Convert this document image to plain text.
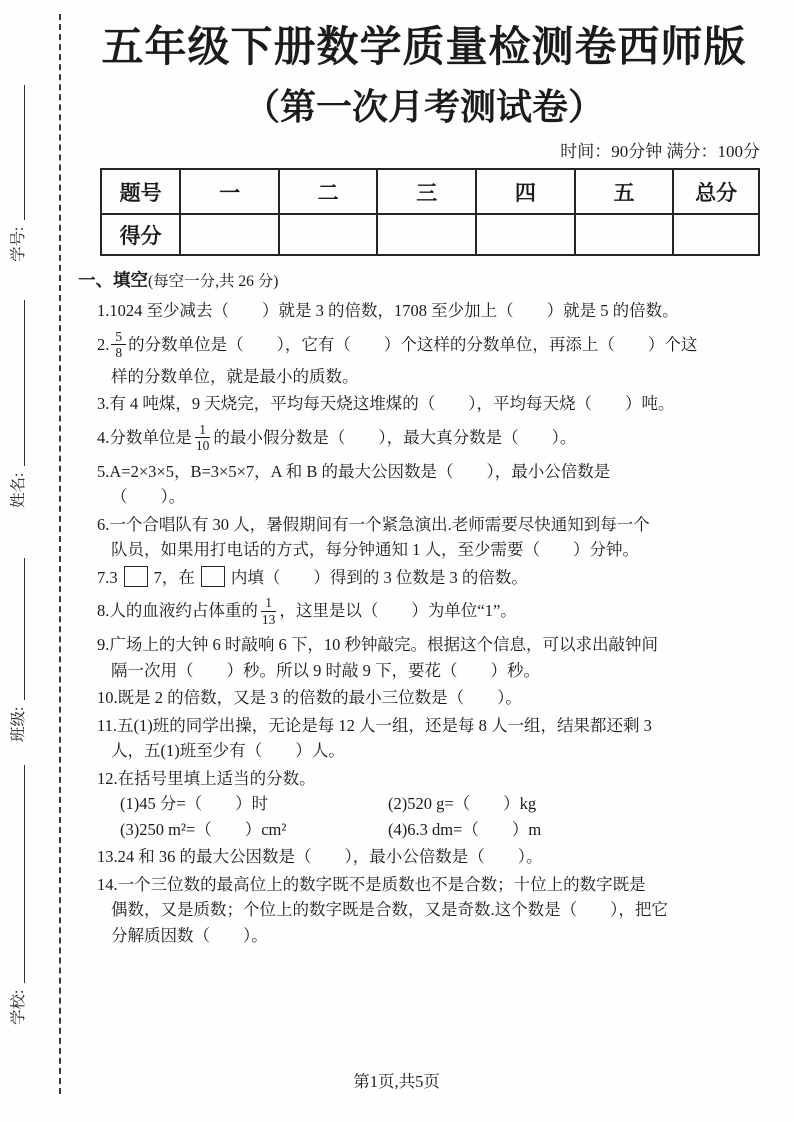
学号:
姓名:
班级:
学校:
五年级下册数学质量检测卷西师版
（第一次月考测试卷）
时间：90分钟 满分：100分
题号	一	二	三	四	五	总分
得分						
一、填空(每空一分,共 26 分)
1.1024 至少减去（　　）就是 3 的倍数，1708 至少加上（　　）就是 5 的倍数。
2. $\frac{5}{8}$ 的分数单位是（　　），它有（　　）个这样的分数单位，再添上（　　）个这
样的分数单位，就是最小的质数。
3.有 4 吨煤，9 天烧完，平均每天烧这堆煤的（　　），平均每天烧（　　）吨。
4.分数单位是 $\frac{1}{10}$ 的最小假分数是（　　），最大真分数是（　　）。
5.A=2×3×5，B=3×5×7，A 和 B 的最大公因数是（　　），最小公倍数是
（　　）。
6.一个合唱队有 30 人，暑假期间有一个紧急演出.老师需要尽快通知到每一个
队员，如果用打电话的方式，每分钟通知 1 人，至少需要（　　）分钟。
7.3 7，在 内填（　　）得到的 3 位数是 3 的倍数。
8.人的血液约占体重的 $\frac{1}{13}$ ，这里是以（　　）为单位“1”。
9.广场上的大钟 6 时敲响 6 下，10 秒钟敲完。根据这个信息，可以求出敲钟间
隔一次用（　　）秒。所以 9 时敲 9 下，要花（　　）秒。
10.既是 2 的倍数，又是 3 的倍数的最小三位数是（　　）。
11.五(1)班的同学出操，无论是每 12 人一组，还是每 8 人一组，结果都还剩 3
人，五(1)班至少有（　　）人。
12.在括号里填上适当的分数。
(1)45 分=（　　）时	(2)520 g=（　　）kg
(3)250 m²=（　　）cm²	(4)6.3 dm=（　　）m
13.24 和 36 的最大公因数是（　　），最小公倍数是（　　）。
14.一个三位数的最高位上的数字既不是质数也不是合数；十位上的数字既是
偶数，又是质数；个位上的数字既是合数，又是奇数.这个数是（　　），把它
分解质因数（　　）。
第1页,共5页
